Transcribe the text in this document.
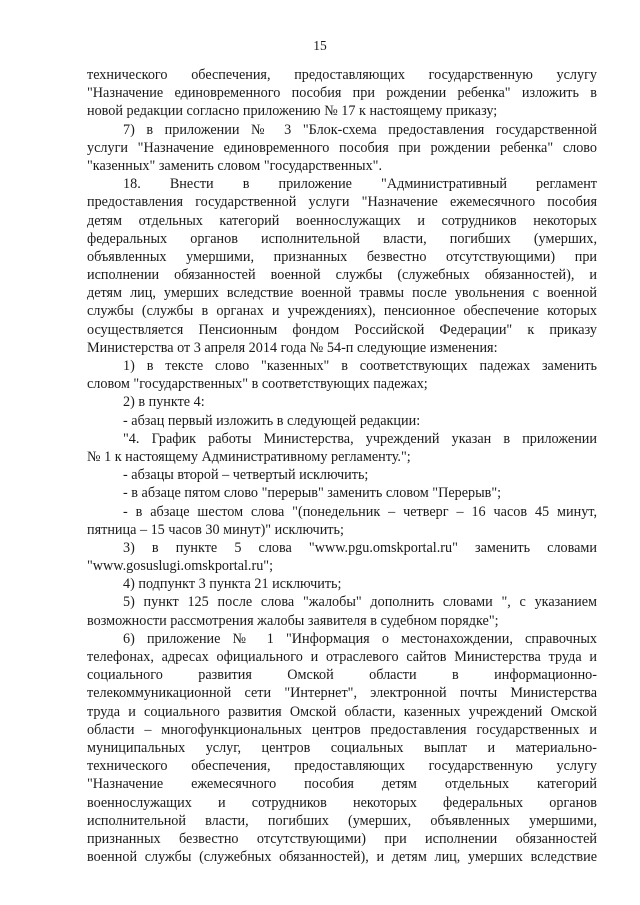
15
технического обеспечения, предоставляющих государственную услугу
"Назначение единовременного пособия при рождении ребенка" изложить в
новой редакции согласно приложению № 17 к настоящему приказу;
7) в приложении № 3 "Блок-схема предоставления государственной
услуги "Назначение единовременного пособия при рождении ребенка" слово
"казенных" заменить словом "государственных".
18. Внести в приложение "Административный регламент
предоставления государственной услуги "Назначение ежемесячного пособия
детям отдельных категорий военнослужащих и сотрудников некоторых
федеральных органов исполнительной власти, погибших (умерших,
объявленных умершими, признанных безвестно отсутствующими) при
исполнении обязанностей военной службы (служебных обязанностей), и
детям лиц, умерших вследствие военной травмы после увольнения с военной
службы (службы в органах и учреждениях), пенсионное обеспечение которых
осуществляется Пенсионным фондом Российской Федерации" к приказу
Министерства от 3 апреля 2014 года № 54-п следующие изменения:
1) в тексте слово "казенных" в соответствующих падежах заменить
словом "государственных" в соответствующих падежах;
2) в пункте 4:
- абзац первый изложить в следующей редакции:
"4. График работы Министерства, учреждений указан в приложении
№ 1 к настоящему Административному регламенту.";
- абзацы второй – четвертый исключить;
- в абзаце пятом слово "перерыв" заменить словом "Перерыв";
- в абзаце шестом слова "(понедельник – четверг – 16 часов 45 минут,
пятница – 15 часов 30 минут)" исключить;
3) в пункте 5 слова "www.pgu.omskportal.ru" заменить словами
"www.gosuslugi.omskportal.ru";
4) подпункт 3 пункта 21 исключить;
5) пункт 125 после слова "жалобы" дополнить словами ", с указанием
возможности рассмотрения жалобы заявителя в судебном порядке";
6) приложение № 1 "Информация о местонахождении, справочных
телефонах, адресах официального и отраслевого сайтов Министерства труда и
социального развития Омской области в информационно-
телекоммуникационной сети "Интернет", электронной почты Министерства
труда и социального развития Омской области, казенных учреждений Омской
области – многофункциональных центров предоставления государственных и
муниципальных услуг, центров социальных выплат и материально-
технического обеспечения, предоставляющих государственную услугу
"Назначение ежемесячного пособия детям отдельных категорий
военнослужащих и сотрудников некоторых федеральных органов
исполнительной власти, погибших (умерших, объявленных умершими,
признанных безвестно отсутствующими) при исполнении обязанностей
военной службы (служебных обязанностей), и детям лиц, умерших вследствие
